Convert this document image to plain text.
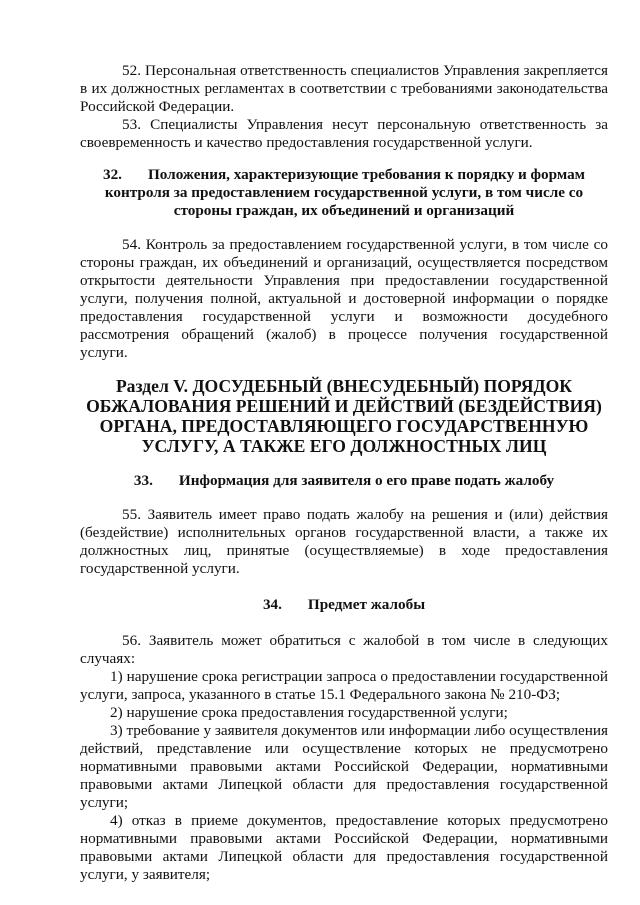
52. Персональная ответственность специалистов Управления закрепляется в их должностных регламентах в соответствии с требованиями законодательства Российской Федерации.

53. Специалисты Управления несут персональную ответственность за своевременность и качество предоставления государственной услуги.

32. Положения, характеризующие требования к порядку и формам контроля за предоставлением государственной услуги, в том числе со стороны граждан, их объединений и организаций

54. Контроль за предоставлением государственной услуги, в том числе со стороны граждан, их объединений и организаций, осуществляется посредством открытости деятельности Управления при предоставлении государственной услуги, получения полной, актуальной и достоверной информации о порядке предоставления государственной услуги и возможности досудебного рассмотрения обращений (жалоб) в процессе получения государственной услуги.

Раздел V. ДОСУДЕБНЫЙ (ВНЕСУДЕБНЫЙ) ПОРЯДОК ОБЖАЛОВАНИЯ РЕШЕНИЙ И ДЕЙСТВИЙ (БЕЗДЕЙСТВИЯ) ОРГАНА, ПРЕДОСТАВЛЯЮЩЕГО ГОСУДАРСТВЕННУЮ УСЛУГУ, А ТАКЖЕ ЕГО ДОЛЖНОСТНЫХ ЛИЦ

33. Информация для заявителя о его праве подать жалобу

55. Заявитель имеет право подать жалобу на решения и (или) действия (бездействие) исполнительных органов государственной власти, а также их должностных лиц, принятые (осуществляемые) в ходе предоставления государственной услуги.

34. Предмет жалобы

56. Заявитель может обратиться с жалобой в том числе в следующих случаях:

1) нарушение срока регистрации запроса о предоставлении государственной услуги, запроса, указанного в статье 15.1 Федерального закона № 210-ФЗ;

2) нарушение срока предоставления государственной услуги;

3) требование у заявителя документов или информации либо осуществления действий, представление или осуществление которых не предусмотрено нормативными правовыми актами Российской Федерации, нормативными правовыми актами Липецкой области для предоставления государственной услуги;

4) отказ в приеме документов, предоставление которых предусмотрено нормативными правовыми актами Российской Федерации, нормативными правовыми актами Липецкой области для предоставления государственной услуги, у заявителя;
